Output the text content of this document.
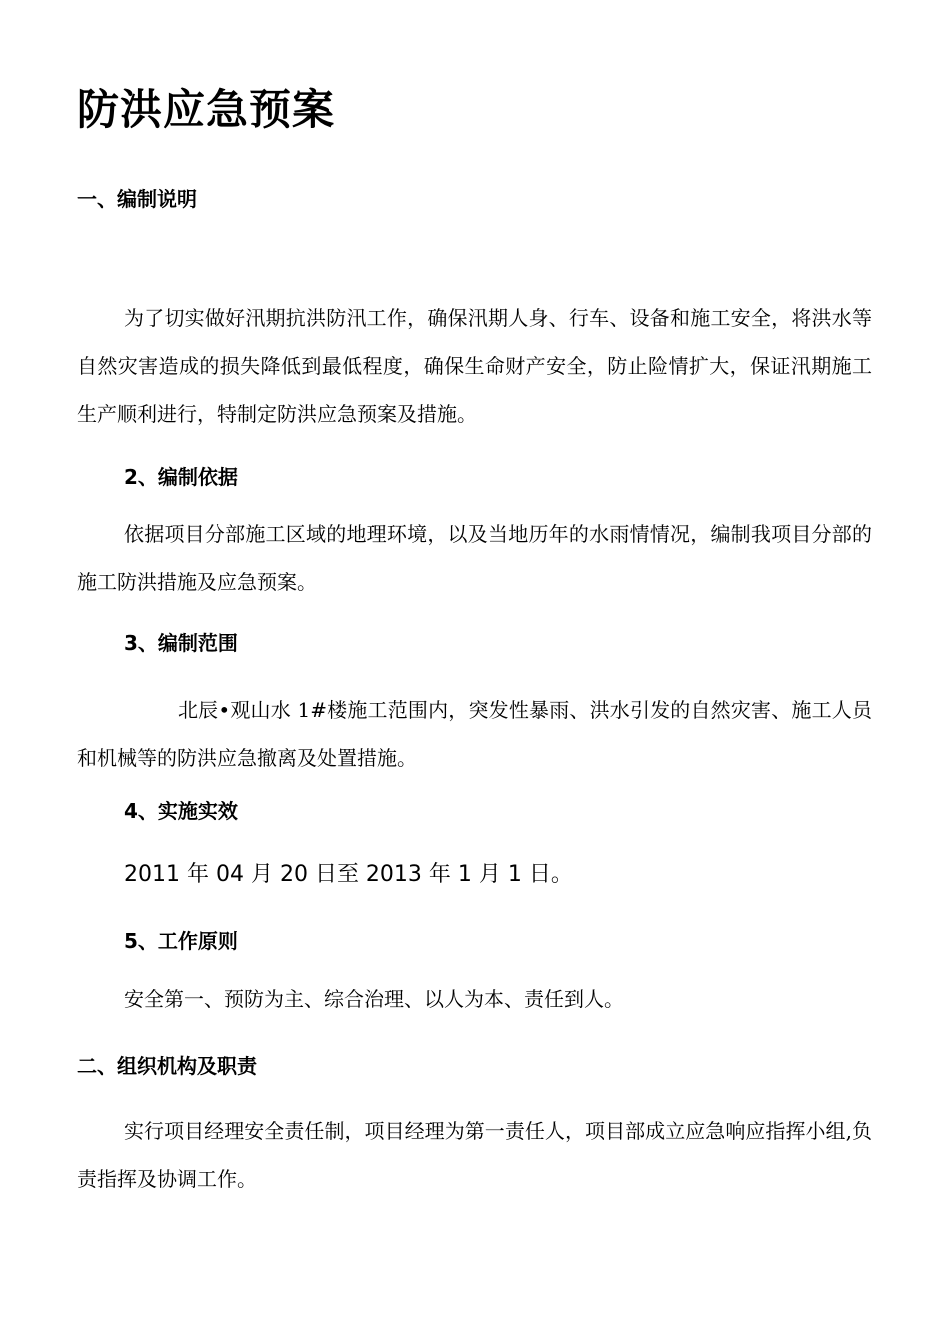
防洪应急预案
一、编制说明

为了切实做好汛期抗洪防汛工作，确保汛期人身、行车、设备和施工安全，将洪水等自然灾害造成的损失降低到最低程度，确保生命财产安全，防止险情扩大，保证汛期施工生产顺利进行，特制定防洪应急预案及措施。

2、编制依据

依据项目分部施工区域的地理环境，以及当地历年的水雨情情况，编制我项目分部的施工防洪措施及应急预案。

3、编制范围

北辰•观山水 1#楼施工范围内，突发性暴雨、洪水引发的自然灾害、施工人员和机械等的防洪应急撤离及处置措施。

4、实施实效
2011 年 04 月 20 日至 2013 年 1 月 1 日。
5、工作原则
安全第一、预防为主、综合治理、以人为本、责任到人。
二、组织机构及职责

实行项目经理安全责任制，项目经理为第一责任人，项目部成立应急响应指挥小组,负责指挥及协调工作。
